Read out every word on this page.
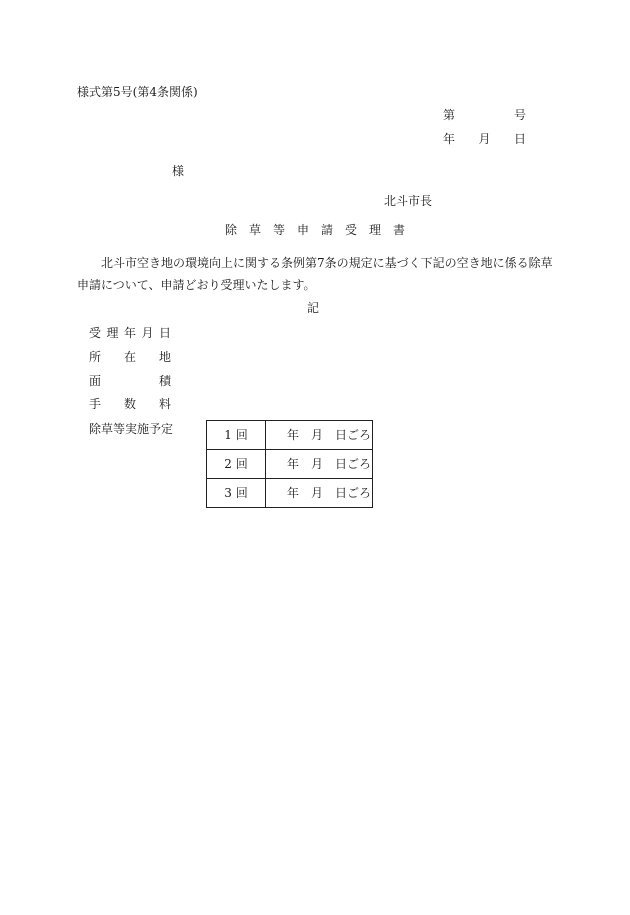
様式第5号(第4条関係)
第	号
年 月 日
様
北斗市長
除　草　等　申　請　受　理　書
北斗市空き地の環境向上に関する条例第7条の規定に基づく下記の空き地に係る除草
申請について、申請どおり受理いたします。
記
受 理 年 月 日
所 在 地
面	積
手 数 料
除草等実施予定	1 回	年　月　日ごろ
2 回	年　月　日ごろ
3 回	年　月　日ごろ
